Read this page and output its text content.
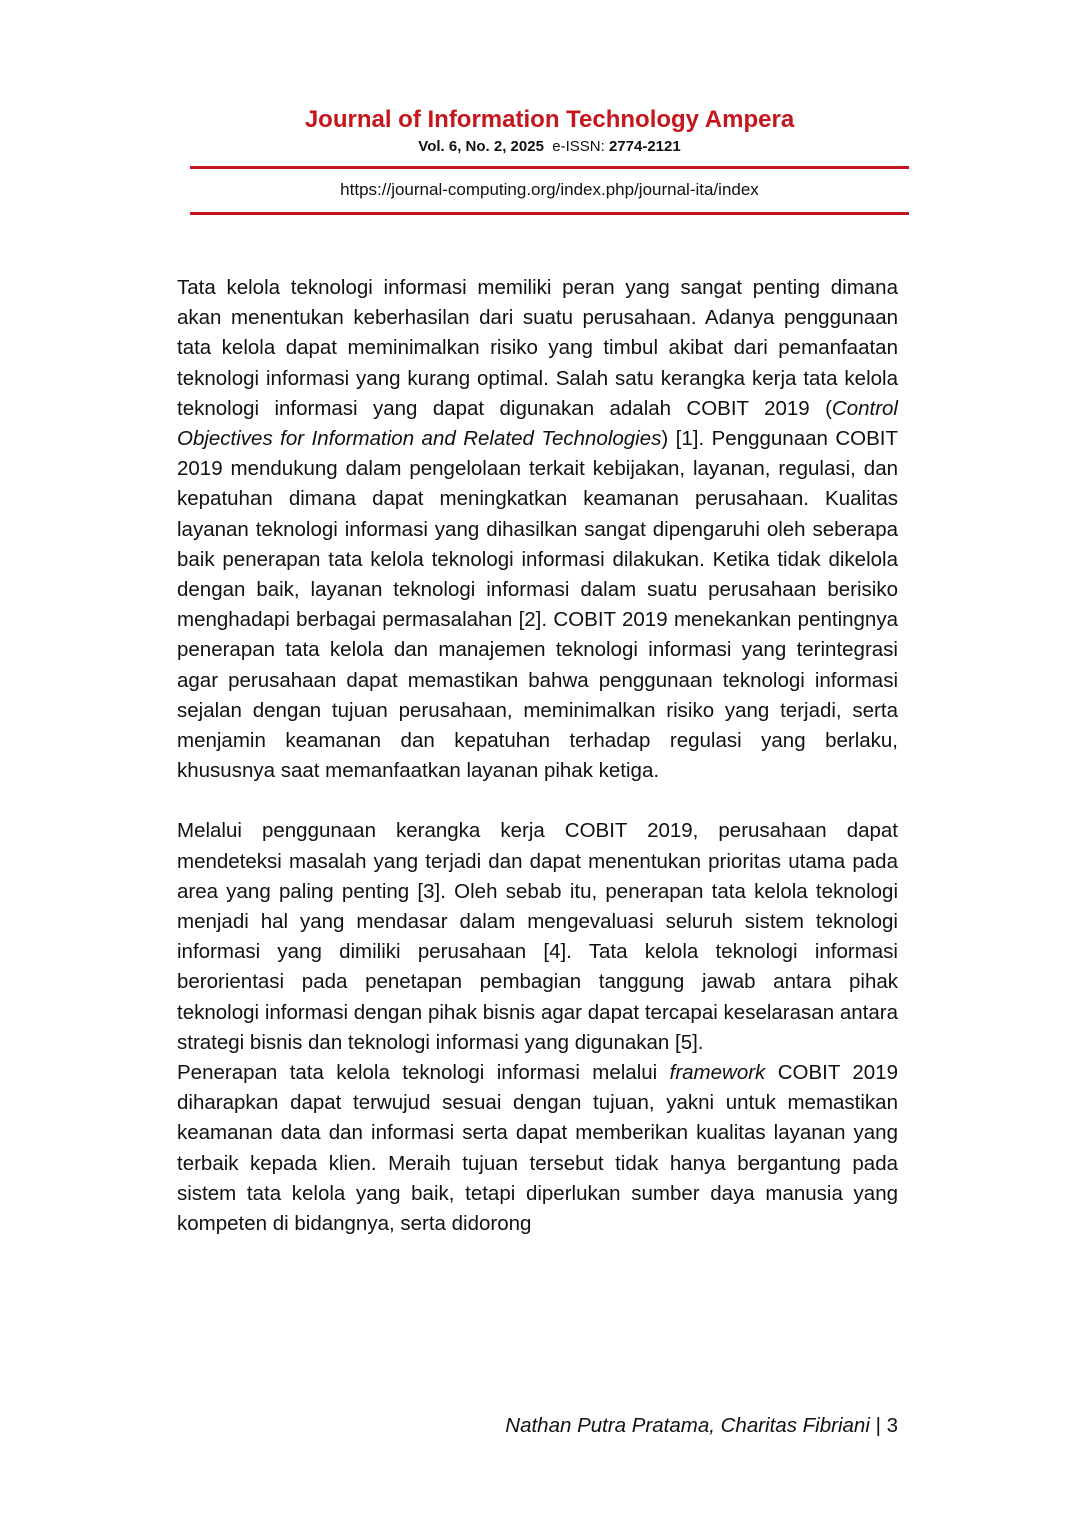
Journal of Information Technology Ampera

Vol. 6, No. 2, 2025 e-ISSN: 2774-2121

https://journal-computing.org/index.php/journal-ita/index

Tata kelola teknologi informasi memiliki peran yang sangat penting dimana akan menentukan keberhasilan dari suatu perusahaan. Adanya penggunaan tata kelola dapat meminimalkan risiko yang timbul akibat dari pemanfaatan teknologi informasi yang kurang optimal. Salah satu kerangka kerja tata kelola teknologi informasi yang dapat digunakan adalah COBIT 2019 (Control Objectives for Information and Related Technologies) [1]. Penggunaan COBIT 2019 mendukung dalam pengelolaan terkait kebijakan, layanan, regulasi, dan kepatuhan dimana dapat meningkatkan keamanan perusahaan. Kualitas layanan teknologi informasi yang dihasilkan sangat dipengaruhi oleh seberapa baik penerapan tata kelola teknologi informasi dilakukan. Ketika tidak dikelola dengan baik, layanan teknologi informasi dalam suatu perusahaan berisiko menghadapi berbagai permasalahan [2]. COBIT 2019 menekankan pentingnya penerapan tata kelola dan manajemen teknologi informasi yang terintegrasi agar perusahaan dapat memastikan bahwa penggunaan teknologi informasi sejalan dengan tujuan perusahaan, meminimalkan risiko yang terjadi, serta menjamin keamanan dan kepatuhan terhadap regulasi yang berlaku, khususnya saat memanfaatkan layanan pihak ketiga.

Melalui penggunaan kerangka kerja COBIT 2019, perusahaan dapat mendeteksi masalah yang terjadi dan dapat menentukan prioritas utama pada area yang paling penting [3]. Oleh sebab itu, penerapan tata kelola teknologi menjadi hal yang mendasar dalam mengevaluasi seluruh sistem teknologi informasi yang dimiliki perusahaan [4]. Tata kelola teknologi informasi berorientasi pada penetapan pembagian tanggung jawab antara pihak teknologi informasi dengan pihak bisnis agar dapat tercapai keselarasan antara strategi bisnis dan teknologi informasi yang digunakan [5].

Penerapan tata kelola teknologi informasi melalui framework COBIT 2019 diharapkan dapat terwujud sesuai dengan tujuan, yakni untuk memastikan keamanan data dan informasi serta dapat memberikan kualitas layanan yang terbaik kepada klien. Meraih tujuan tersebut tidak hanya bergantung pada sistem tata kelola yang baik, tetapi diperlukan sumber daya manusia yang kompeten di bidangnya, serta didorong

Nathan Putra Pratama, Charitas Fibriani | 3
